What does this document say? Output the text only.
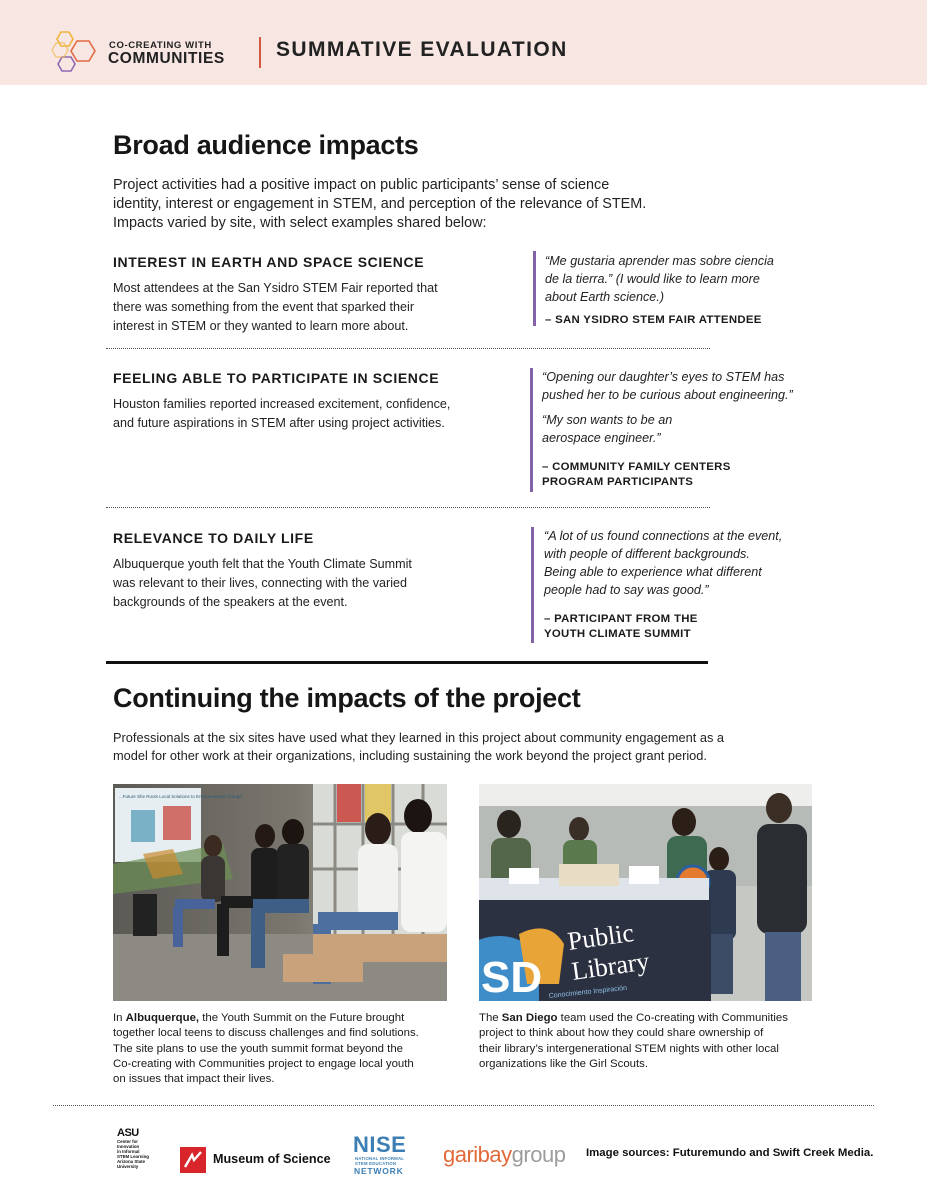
CO-CREATING WITH
COMMUNITIES SUMMATIVE EVALUATION
Broad audience impacts
Project activities had a positive impact on public participants’ sense of science
identity, interest or engagement in STEM, and perception of the relevance of STEM.
Impacts varied by site, with select examples shared below:
INTEREST IN EARTH AND SPACE SCIENCE
Most attendees at the San Ysidro STEM Fair reported that
there was something from the event that sparked their
interest in STEM or they wanted to learn more about.
“Me gustaria aprender mas sobre ciencia
de la tierra.” (I would like to learn more
about Earth science.)
– SAN YSIDRO STEM FAIR ATTENDEE
FEELING ABLE TO PARTICIPATE IN SCIENCE
Houston families reported increased excitement, confidence,
and future aspirations in STEM after using project activities.
“Opening our daughter’s eyes to STEM has
pushed her to be curious about engineering.”
“My son wants to be an
aerospace engineer.”
– COMMUNITY FAMILY CENTERS
PROGRAM PARTICIPANTS
RELEVANCE TO DAILY LIFE
Albuquerque youth felt that the Youth Climate Summit
was relevant to their lives, connecting with the varied
backgrounds of the speakers at the event.
“A lot of us found connections at the event,
with people of different backgrounds.
Being able to experience what different
people had to say was good.”
– PARTICIPANT FROM THE
YOUTH CLIMATE SUMMIT
Continuing the impacts of the project
Professionals at the six sites have used what they learned in this project about community engagement as a
model for other work at their organizations, including sustaining the work beyond the project grant period.
...Future She Roots Local Solutions to Environmental Change
In Albuquerque, the Youth Summit on the Future brought
together local teens to discuss challenges and find solutions.
The site plans to use the youth summit format beyond the
Co-creating with Communities project to engage local youth
on issues that impact their lives.
SD
Public
Library
Conocimiento Inspiración
The San Diego team used the Co-creating with Communities
project to think about how they could share ownership of
their library’s intergenerational STEM nights with other local
organizations like the Girl Scouts.
ASU
Center for
Innovation
in Informal
STEM Learning
Arizona State
University
Museum of Science
NISE
NATIONAL INFORMAL
STEM EDUCATION
NETWORK
garibaygroup Image sources: Futuremundo and Swift Creek Media.
